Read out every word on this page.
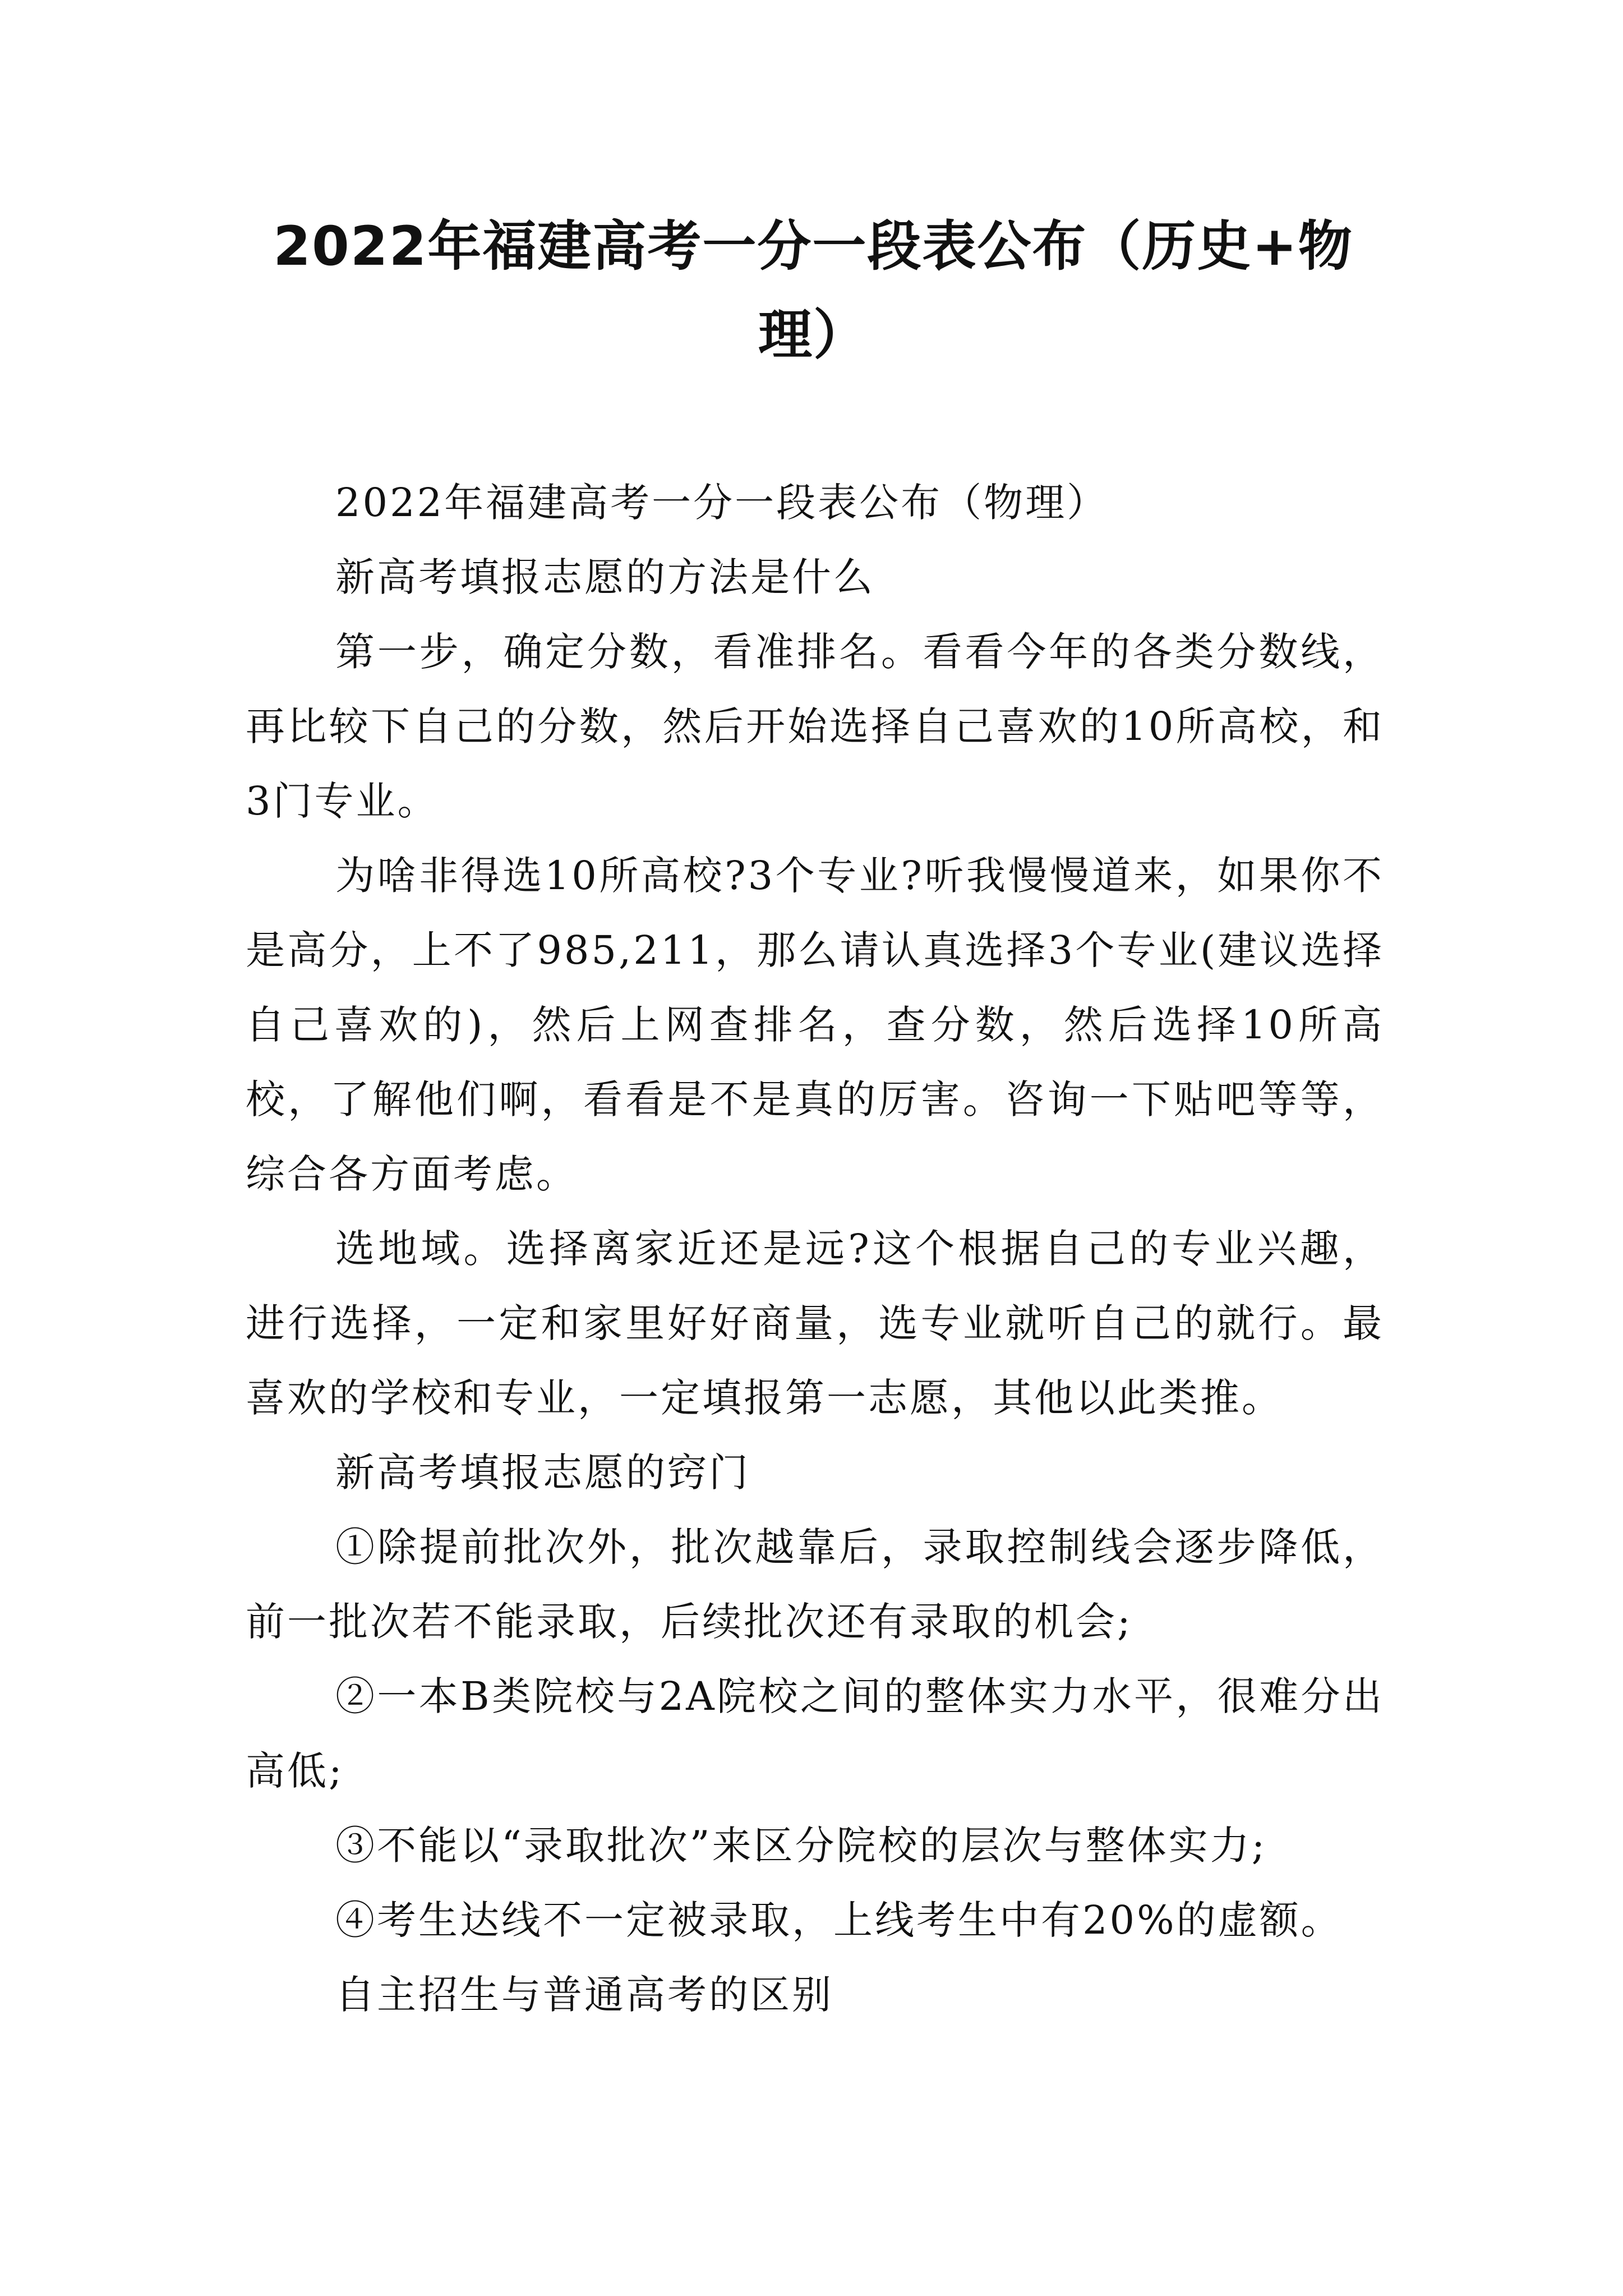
2022年福建高考一分一段表公布（历史+物理）

2022年福建高考一分一段表公布（物理）

新高考填报志愿的方法是什么

第一步，确定分数，看准排名。看看今年的各类分数线，再比较下自己的分数，然后开始选择自己喜欢的10所高校，和3门专业。

为啥非得选10所高校?3个专业?听我慢慢道来，如果你不是高分，上不了985,211，那么请认真选择3个专业(建议选择自己喜欢的)，然后上网查排名，查分数，然后选择10所高校，了解他们啊，看看是不是真的厉害。咨询一下贴吧等等，综合各方面考虑。

选地域。选择离家近还是远?这个根据自己的专业兴趣，进行选择，一定和家里好好商量，选专业就听自己的就行。最喜欢的学校和专业，一定填报第一志愿，其他以此类推。

新高考填报志愿的窍门

①除提前批次外，批次越靠后，录取控制线会逐步降低，前一批次若不能录取，后续批次还有录取的机会;

②一本B类院校与2A院校之间的整体实力水平，很难分出高低;

③不能以“录取批次”来区分院校的层次与整体实力;

④考生达线不一定被录取，上线考生中有20%的虚额。

自主招生与普通高考的区别
